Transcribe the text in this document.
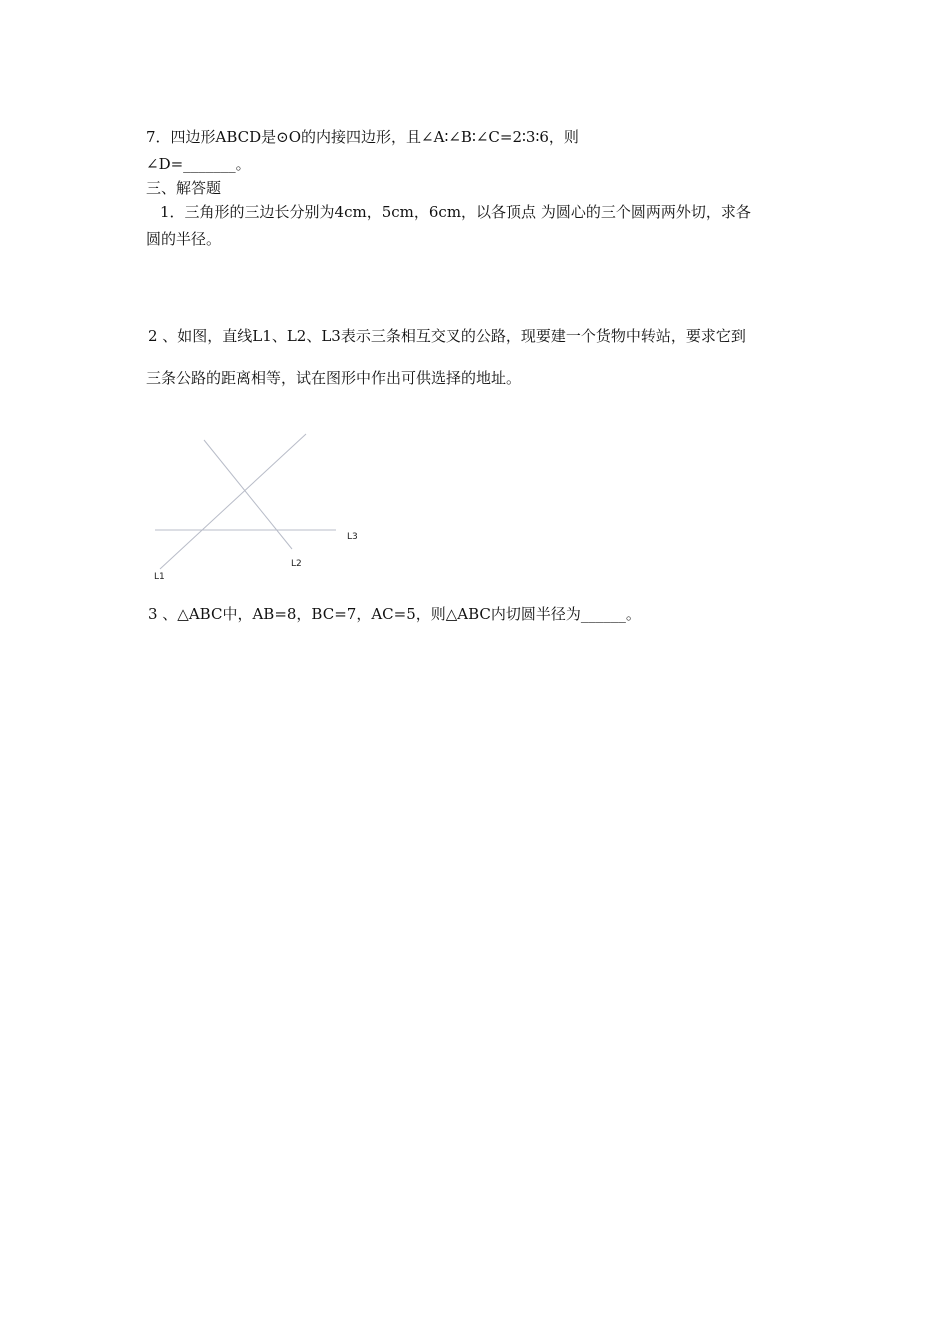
7．四边形ABCD是⊙O的内接四边形，且∠A∶∠B∶∠C=2∶3∶6，则
∠D=_______。
三、解答题
1．三角形的三边长分别为4cm，5cm，6cm，以各顶点 为圆心的三个圆两两外切，求各
圆的半径。
2 、如图，直线L1、L2、L3表示三条相互交叉的公路，现要建一个货物中转站，要求它到
三条公路的距离相等，试在图形中作出可供选择的地址。
L1
L2
L3
3 、△ABC中，AB=8，BC=7，AC=5，则△ABC内切圆半径为______。
